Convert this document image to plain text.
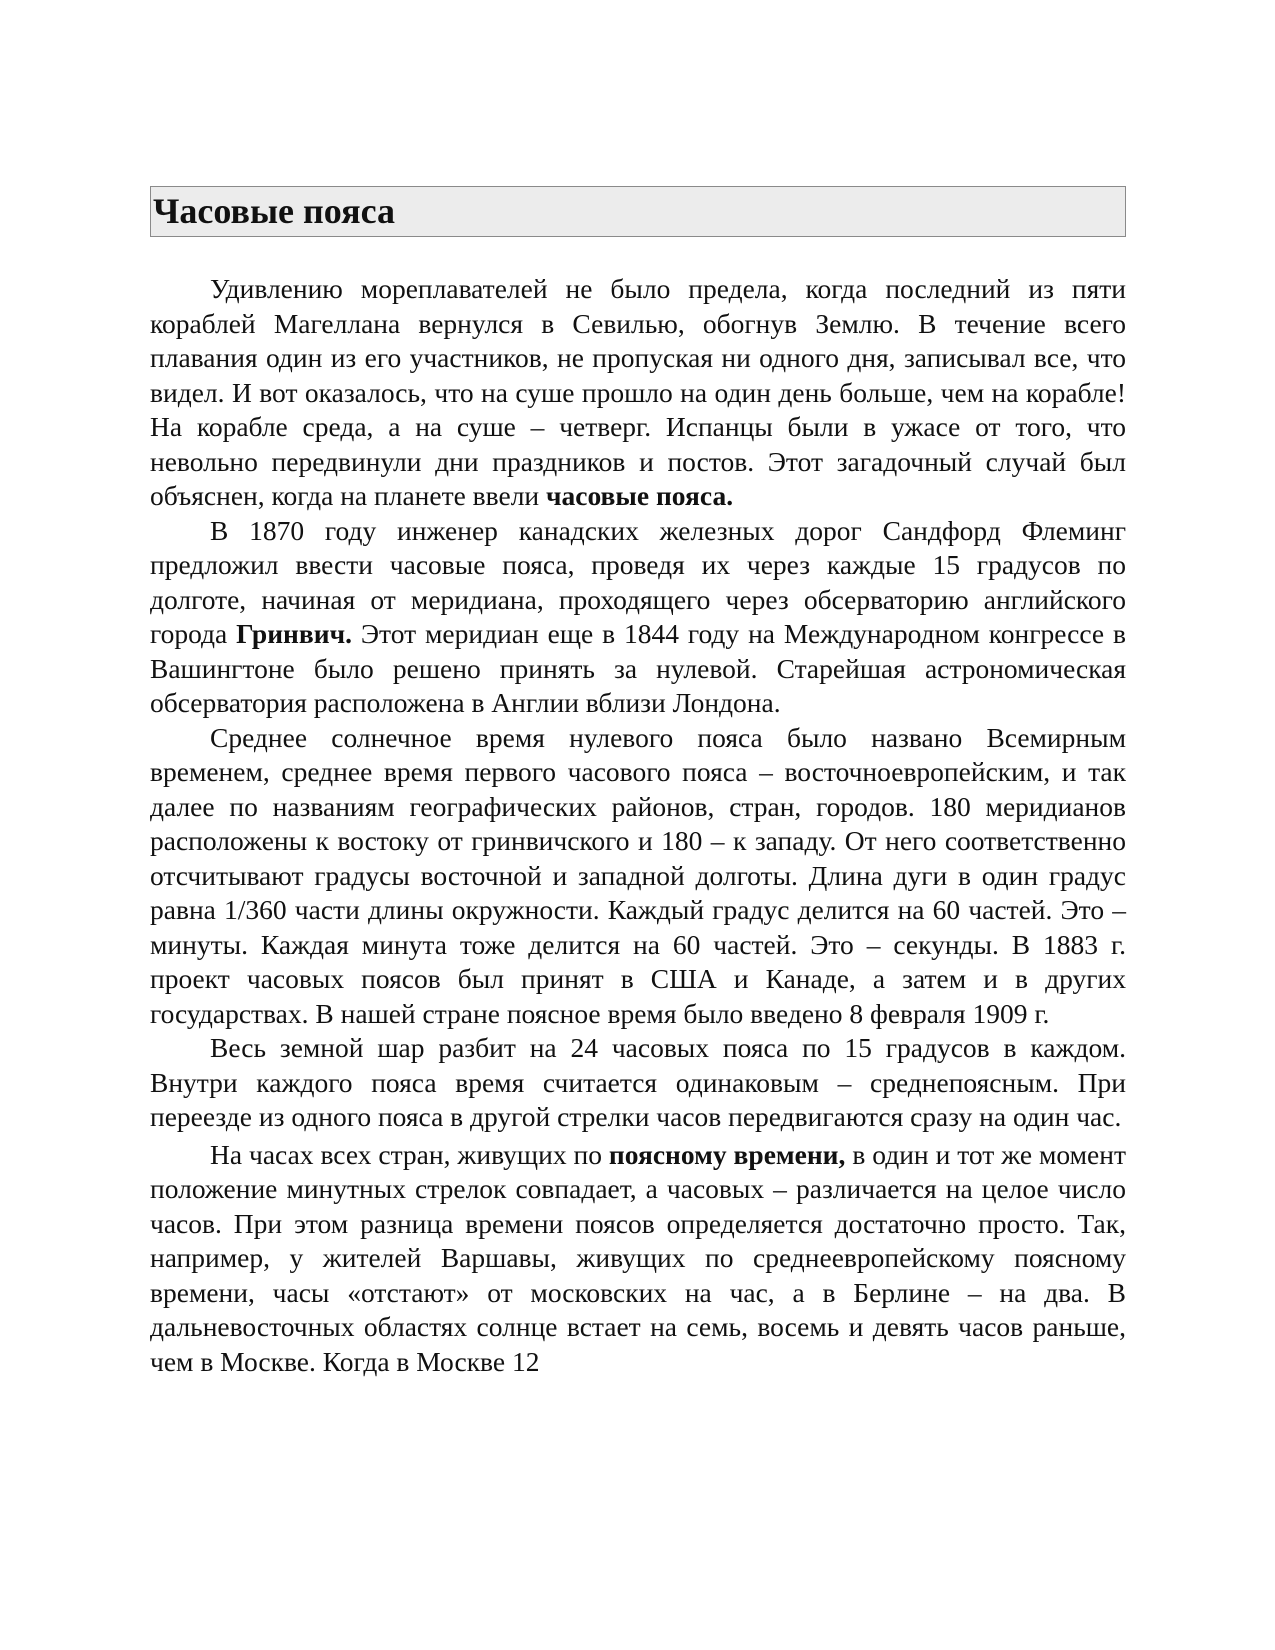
Часовые пояса

Удивлению мореплавателей не было предела, когда последний из пяти кораблей Магеллана вернулся в Севилью, обогнув Землю. В течение всего плавания один из его участников, не пропуская ни одного дня, записывал все, что видел. И вот оказалось, что на суше прошло на один день больше, чем на корабле! На корабле среда, а на суше – четверг. Испанцы были в ужасе от того, что невольно передвинули дни праздников и постов. Этот загадочный случай был объяснен, когда на планете ввели часовые пояса.

В 1870 году инженер канадских железных дорог Сандфорд Флеминг предложил ввести часовые пояса, проведя их через каждые 15 градусов по долготе, начиная от меридиана, проходящего через обсерваторию английского города Гринвич. Этот меридиан еще в 1844 году на Международном конгрессе в Вашингтоне было решено принять за нулевой. Старейшая астрономическая обсерватория расположена в Англии вблизи Лондона.

Среднее солнечное время нулевого пояса было названо Всемирным временем, среднее время первого часового пояса – восточноевропейским, и так далее по названиям географических районов, стран, городов. 180 меридианов расположены к востоку от гринвичского и 180 – к западу. От него соответственно отсчитывают градусы восточной и западной долготы. Длина дуги в один градус равна 1/360 части длины окружности. Каждый градус делится на 60 частей. Это – минуты. Каждая минута тоже делится на 60 частей. Это – секунды. В 1883 г. проект часовых поясов был принят в США и Канаде, а затем и в других государствах. В нашей стране поясное время было введено 8 февраля 1909 г.

Весь земной шар разбит на 24 часовых пояса по 15 градусов в каждом. Внутри каждого пояса время считается одинаковым – среднепоясным. При переезде из одного пояса в другой стрелки часов передвигаются сразу на один час.

На часах всех стран, живущих по поясному времени, в один и тот же момент положение минутных стрелок совпадает, а часовых – различается на целое число часов. При этом разница времени поясов определяется достаточно просто. Так, например, у жителей Варшавы, живущих по среднеевропейскому поясному времени, часы «отстают» от московских на час, а в Берлине – на два. В дальневосточных областях солнце встает на семь, восемь и девять часов раньше, чем в Москве. Когда в Москве 12
